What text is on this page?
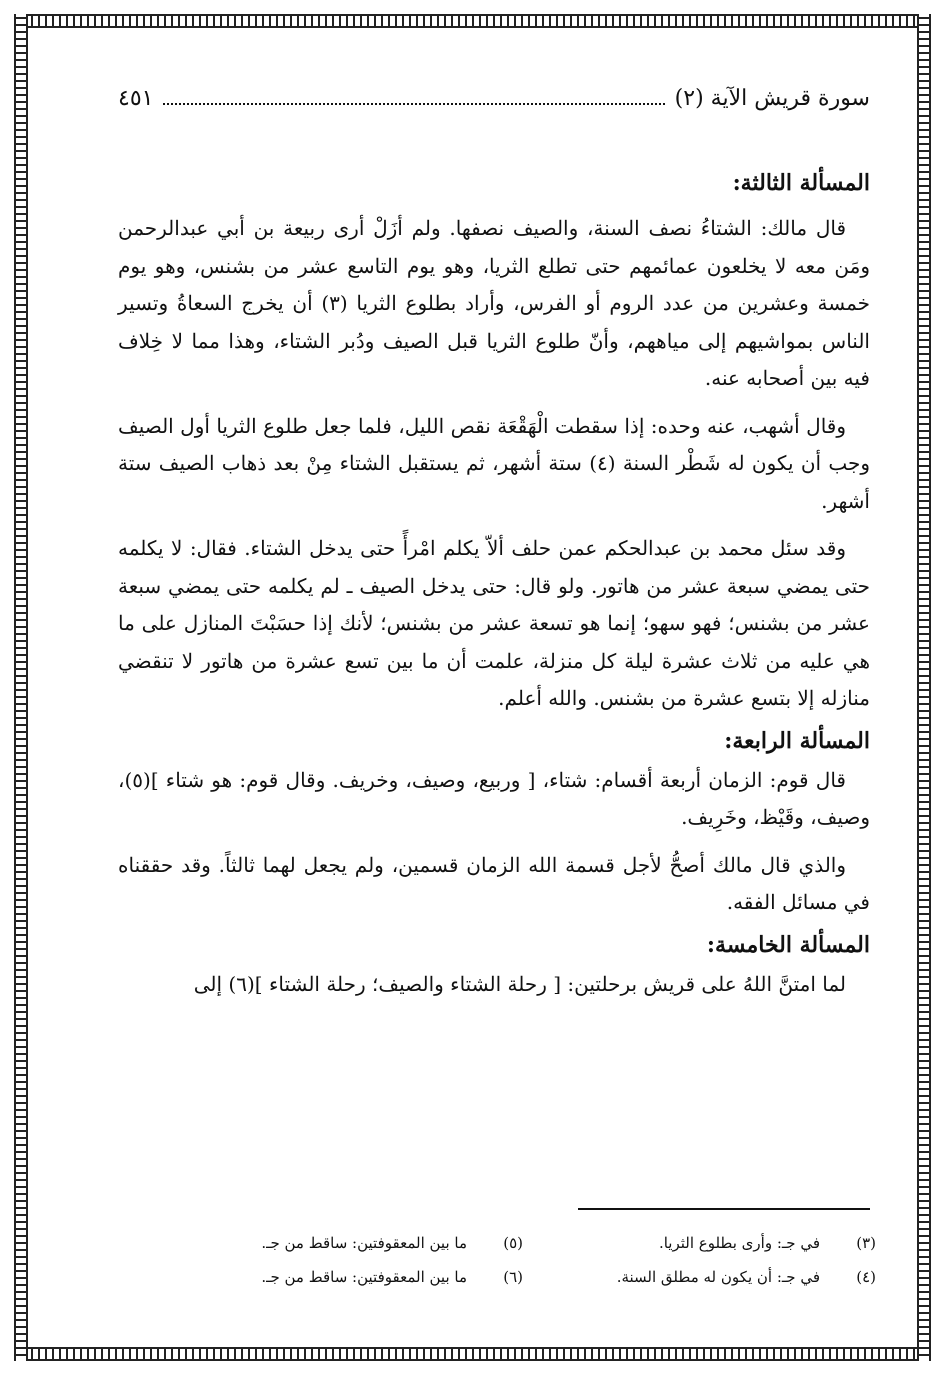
سورة قريش الآية (٢)
٤٥١
المسألة الثالثة:

قال مالك: الشتاءُ نصف السنة، والصيف نصفها. ولم أزَلْ أرى ربيعة بن أبي عبدالرحمن ومَن معه لا يخلعون عمائمهم حتى تطلع الثريا، وهو يوم التاسع عشر من بشنس، وهو يوم خمسة وعشرين من عدد الروم أو الفرس، وأراد بطلوع الثريا (٣) أن يخرج السعاةُ وتسير الناس بمواشيهم إلى مياههم، وأنّ طلوع الثريا قبل الصيف ودُبر الشتاء، وهذا مما لا خِلاف فيه بين أصحابه عنه.

وقال أشهب، عنه وحده: إذا سقطت الْهَقْعَة نقص الليل، فلما جعل طلوع الثريا أول الصيف وجب أن يكون له شَطْر السنة (٤) ستة أشهر، ثم يستقبل الشتاء مِنْ بعد ذهاب الصيف ستة أشهر.

وقد سئل محمد بن عبدالحكم عمن حلف ألاّ يكلم امْرأً حتى يدخل الشتاء. فقال: لا يكلمه حتى يمضي سبعة عشر من هاتور. ولو قال: حتى يدخل الصيف ـ لم يكلمه حتى يمضي سبعة عشر من بشنس؛ فهو سهو؛ إنما هو تسعة عشر من بشنس؛ لأنك إذا حسَبْتَ المنازل على ما هي عليه من ثلاث عشرة ليلة كل منزلة، علمت أن ما بين تسع عشرة من هاتور لا تنقضي منازله إلا بتسع عشرة من بشنس. والله أعلم.

المسألة الرابعة:

قال قوم: الزمان أربعة أقسام: شتاء، [ وربيع، وصيف، وخريف. وقال قوم: هو شتاء ](٥)، وصيف، وقَيْظ، وخَرِيف.

والذي قال مالك أصحُّ لأجل قسمة الله الزمان قسمين، ولم يجعل لهما ثالثاً. وقد حققناه في مسائل الفقه.

المسألة الخامسة:

لما امتنَّ اللهُ على قريش برحلتين: [ رحلة الشتاء والصيف؛ رحلة الشتاء ](٦) إلى

(٣)
في جـ: وأرى بطلوع الثريا.
(٥)
ما بين المعقوفتين: ساقط من جـ.
(٤)
في جـ: أن يكون له مطلق السنة.
(٦)
ما بين المعقوفتين: ساقط من جـ.
